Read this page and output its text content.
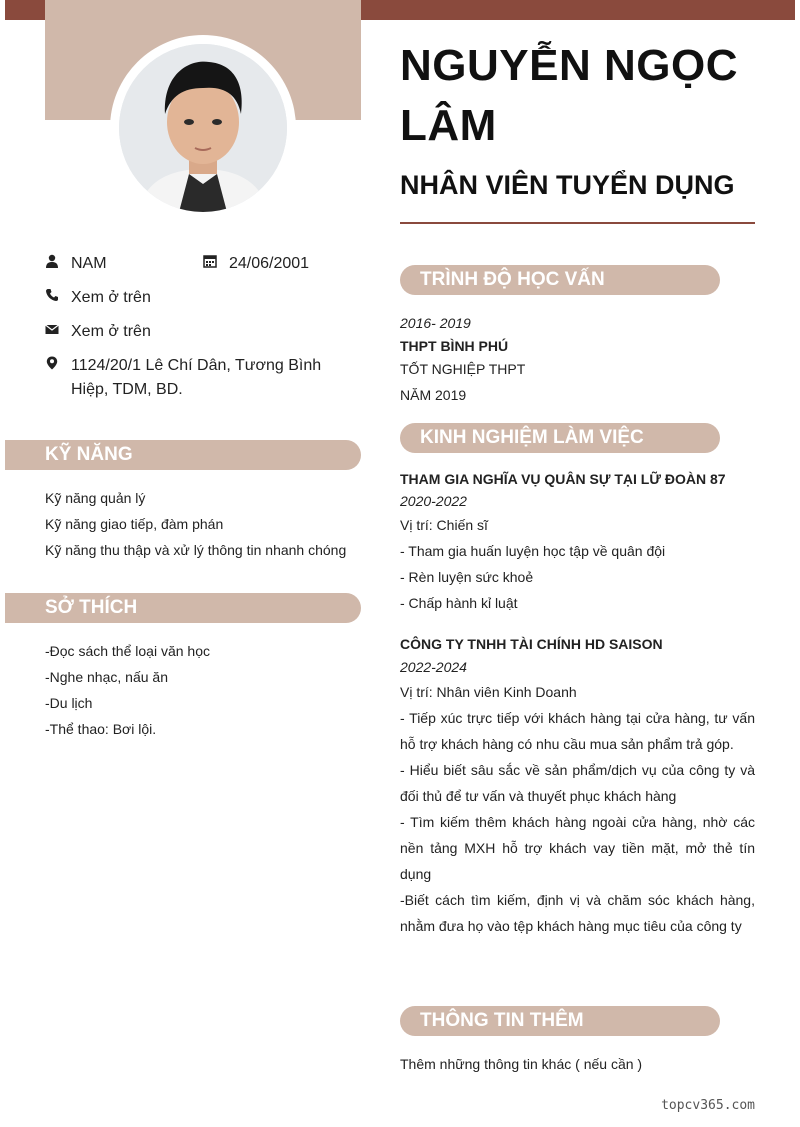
NGUYỄN NGỌC LÂM
NHÂN VIÊN TUYỂN DỤNG
NAM	24/06/2001
Xem ở trên
Xem ở trên
1124/20/1 Lê Chí Dân, Tương Bình Hiệp, TDM, BD.
KỸ NĂNG
Kỹ năng quản lý
Kỹ năng giao tiếp, đàm phán
Kỹ năng thu thập và xử lý thông tin nhanh chóng
SỞ THÍCH
-Đọc sách thể loại văn học
-Nghe nhạc, nấu ăn
-Du lịch
-Thể thao: Bơi lội.
TRÌNH ĐỘ HỌC VẤN
2016- 2019
THPT BÌNH PHÚ
TỐT NGHIỆP THPT
NĂM 2019
KINH NGHIỆM LÀM VIỆC
THAM GIA NGHĨA VỤ QUÂN SỰ TẠI LỮ ĐOÀN 87
2020-2022
Vị trí: Chiến sĩ
- Tham gia huấn luyện học tập về quân đội
- Rèn luyện sức khoẻ
- Chấp hành kỉ luật
CÔNG TY TNHH TÀI CHÍNH HD SAISON
2022-2024
Vị trí: Nhân viên Kinh Doanh
- Tiếp xúc trực tiếp với khách hàng tại cửa hàng, tư vấn hỗ trợ khách hàng có nhu cầu mua sản phẩm trả góp.
- Hiểu biết sâu sắc về sản phẩm/dịch vụ của công ty và đối thủ để tư vấn và thuyết phục khách hàng
- Tìm kiếm thêm khách hàng ngoài cửa hàng, nhờ các nền tảng MXH hỗ trợ khách vay tiền mặt, mở thẻ tín dụng
-Biết cách tìm kiếm, định vị và chăm sóc khách hàng, nhằm đưa họ vào tệp khách hàng mục tiêu của công ty
THÔNG TIN THÊM
Thêm những thông tin khác ( nếu cần )
topcv365.com
